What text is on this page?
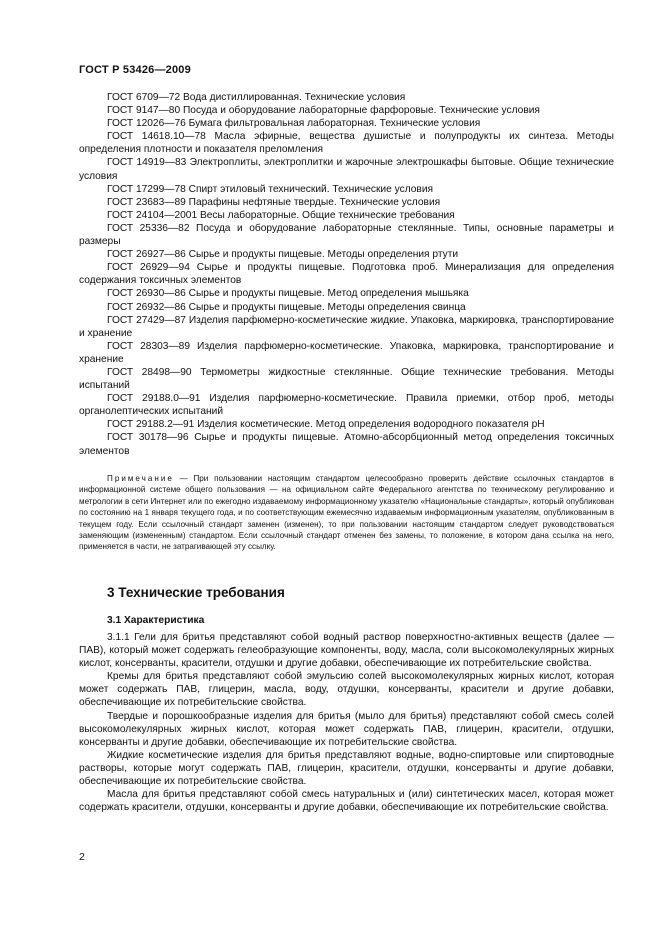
ГОСТ Р 53426—2009

ГОСТ 6709—72 Вода дистиллированная. Технические условия

ГОСТ 9147—80 Посуда и оборудование лабораторные фарфоровые. Технические условия

ГОСТ 12026—76 Бумага фильтровальная лабораторная. Технические условия

ГОСТ 14618.10—78 Масла эфирные, вещества душистые и полупродукты их синтеза. Методы определения плотности и показателя преломления

ГОСТ 14919—83 Электроплиты, электроплитки и жарочные электрошкафы бытовые. Общие технические условия

ГОСТ 17299—78 Спирт этиловый технический. Технические условия

ГОСТ 23683—89 Парафины нефтяные твердые. Технические условия

ГОСТ 24104—2001 Весы лабораторные. Общие технические требования

ГОСТ 25336—82 Посуда и оборудование лабораторные стеклянные. Типы, основные параметры и размеры

ГОСТ 26927—86 Сырье и продукты пищевые. Методы определения ртути

ГОСТ 26929—94 Сырье и продукты пищевые. Подготовка проб. Минерализация для определения содержания токсичных элементов

ГОСТ 26930—86 Сырье и продукты пищевые. Метод определения мышьяка

ГОСТ 26932—86 Сырье и продукты пищевые. Методы определения свинца

ГОСТ 27429—87 Изделия парфюмерно-косметические жидкие. Упаковка, маркировка, транспортирование и хранение

ГОСТ 28303—89 Изделия парфюмерно-косметические. Упаковка, маркировка, транспортирование и хранение

ГОСТ 28498—90 Термометры жидкостные стеклянные. Общие технические требования. Методы испытаний

ГОСТ 29188.0—91 Изделия парфюмерно-косметические. Правила приемки, отбор проб, методы органолептических испытаний

ГОСТ 29188.2—91 Изделия косметические. Метод определения водородного показателя pH

ГОСТ 30178—96 Сырье и продукты пищевые. Атомно-абсорбционный метод определения токсичных элементов

Примечание — При пользовании настоящим стандартом целесообразно проверить действие ссылочных стандартов в информационной системе общего пользования — на официальном сайте Федерального агентства по техническому регулированию и метрологии в сети Интернет или по ежегодно издаваемому информационному указателю «Национальные стандарты», который опубликован по состоянию на 1 января текущего года, и по соответствующим ежемесячно издаваемым информационным указателям, опубликованным в текущем году. Если ссылочный стандарт заменен (изменен), то при пользовании настоящим стандартом следует руководствоваться заменяющим (измененным) стандартом. Если ссылочный стандарт отменен без замены, то положение, в котором дана ссылка на него, применяется в части, не затрагивающей эту ссылку.

3 Технические требования
3.1 Характеристика

3.1.1 Гели для бритья представляют собой водный раствор поверхностно-активных веществ (далее — ПАВ), который может содержать гелеобразующие компоненты, воду, масла, соли высокомолекулярных жирных кислот, консерванты, красители, отдушки и другие добавки, обеспечивающие их потребительские свойства.

Кремы для бритья представляют собой эмульсию солей высокомолекулярных жирных кислот, которая может содержать ПАВ, глицерин, масла, воду, отдушки, консерванты, красители и другие добавки, обеспечивающие их потребительские свойства.

Твердые и порошкообразные изделия для бритья (мыло для бритья) представляют собой смесь солей высокомолекулярных жирных кислот, которая может содержать ПАВ, глицерин, красители, отдушки, консерванты и другие добавки, обеспечивающие их потребительские свойства.

Жидкие косметические изделия для бритья представляют водные, водно-спиртовые или спиртоводные растворы, которые могут содержать ПАВ, глицерин, красители, отдушки, консерванты и другие добавки, обеспечивающие их потребительские свойства.

Масла для бритья представляют собой смесь натуральных и (или) синтетических масел, которая может содержать красители, отдушки, консерванты и другие добавки, обеспечивающие их потребительские свойства.

2
